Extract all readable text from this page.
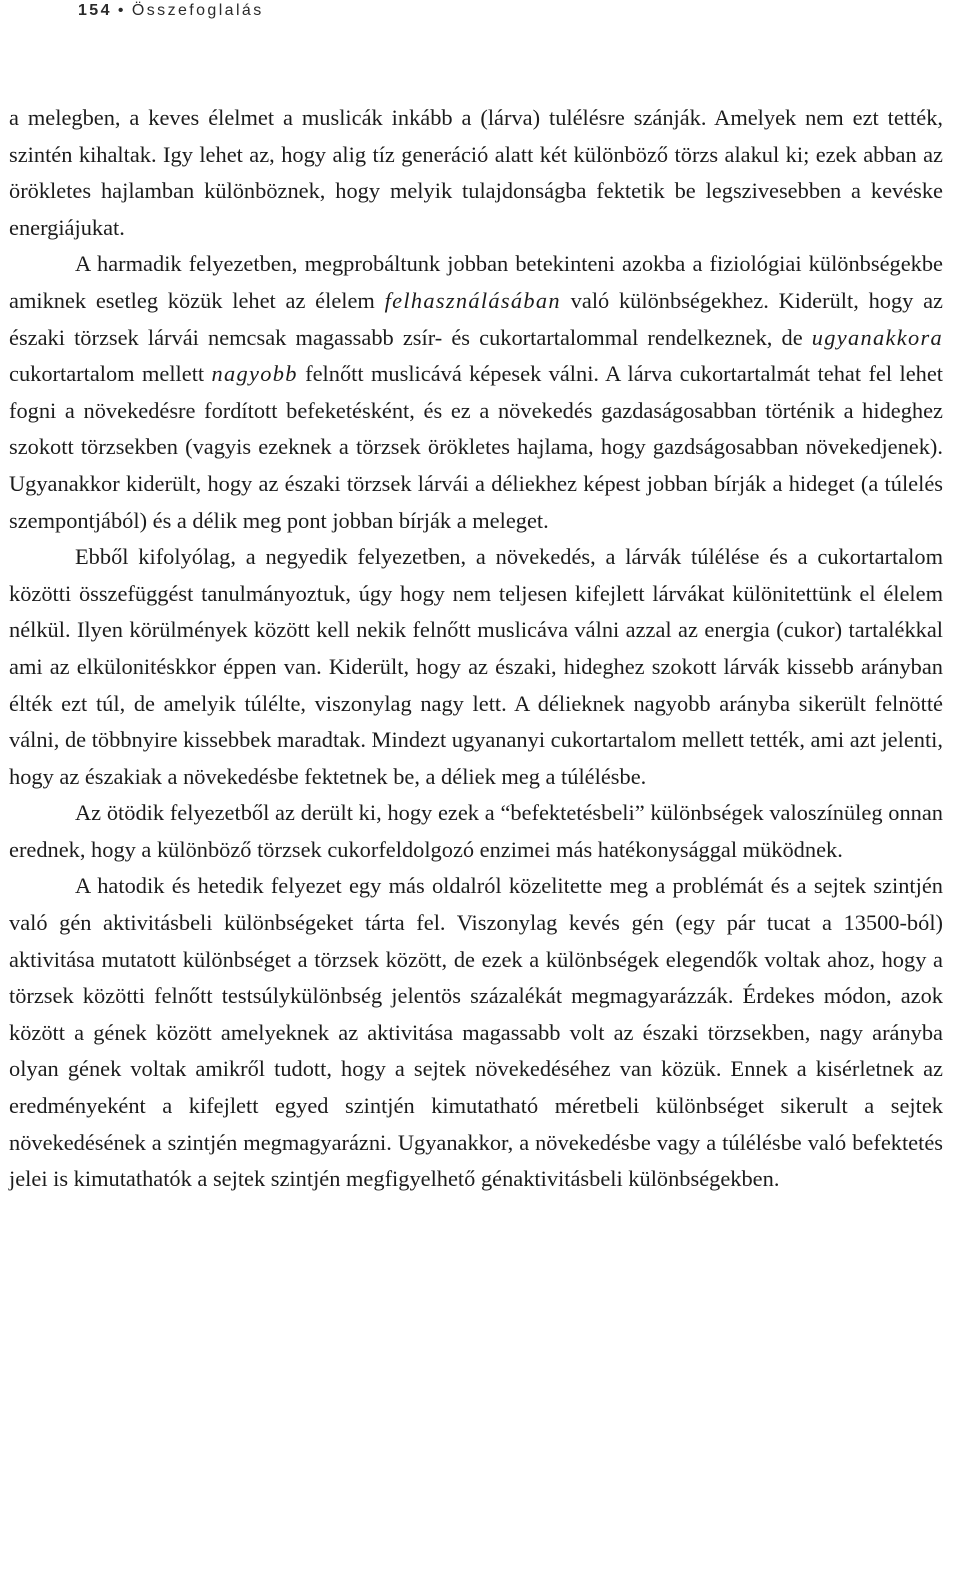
154 • Összefoglalás

a melegben, a keves élelmet a muslicák inkább a (lárva) tulélésre szánják. Amelyek nem ezt tették, szintén kihaltak. Igy lehet az, hogy alig tíz generáció alatt két különböző törzs alakul ki; ezek abban az örökletes hajlamban különböznek, hogy melyik tulajdonságba fektetik be legszivesebben a kevéske energiájukat.

A harmadik felyezetben, megprobáltunk jobban betekinteni azokba a fiziológiai különbségekbe amiknek esetleg közük lehet az élelem felhasználásában való különbségekhez. Kiderült, hogy az északi törzsek lárvái nemcsak magassabb zsír- és cukortartalommal rendelkeznek, de ugyanakkora cukortartalom mellett nagyobb felnőtt muslicává képesek válni. A lárva cukortartalmát tehat fel lehet fogni a növekedésre fordított befeketésként, és ez a növekedés gazdaságosabban történik a hideghez szokott törzsekben (vagyis ezeknek a törzsek örökletes hajlama, hogy gazdságosabban növekedjenek). Ugyanakkor kiderült, hogy az északi törzsek lárvái a déliekhez képest jobban bírják a hideget (a túlelés szempontjából) és a délik meg pont jobban bírják a meleget.

Ebből kifolyólag, a negyedik felyezetben, a növekedés, a lárvák túlélése és a cukortartalom közötti összefüggést tanulmányoztuk, úgy hogy nem teljesen kifejlett lárvákat különitettünk el élelem nélkül. Ilyen körülmények között kell nekik felnőtt muslicáva válni azzal az energia (cukor) tartalékkal ami az elkülonitéskkor éppen van. Kiderült, hogy az északi, hideghez szokott lárvák kissebb arányban élték ezt túl, de amelyik túlélte, viszonylag nagy lett. A délieknek nagyobb arányba sikerült felnötté válni, de többnyire kissebbek maradtak. Mindezt ugyananyi cukortartalom mellett tették, ami azt jelenti, hogy az északiak a növekedésbe fektetnek be, a déliek meg a túlélésbe.

Az ötödik felyezetből az derült ki, hogy ezek a “befektetésbeli” különbségek valoszínüleg onnan erednek, hogy a különböző törzsek cukorfeldolgozó enzimei más hatékonysággal müködnek.

A hatodik és hetedik felyezet egy más oldalról közelitette meg a problémát és a sejtek szintjén való gén aktivitásbeli különbségeket tárta fel. Viszonylag kevés gén (egy pár tucat a 13500-ból) aktivitása mutatott különbséget a törzsek között, de ezek a különbségek elegendők voltak ahoz, hogy a törzsek közötti felnőtt testsúlykülönbség jelentös százalékát megmagyarázzák. Érdekes módon, azok között a gének között amelyeknek az aktivitása magassabb volt az északi törzsekben, nagy arányba olyan gének voltak amikről tudott, hogy a sejtek növekedéséhez van közük. Ennek a kisérletnek az eredményeként a kifejlett egyed szintjén kimutatható méretbeli különbséget sikerult a sejtek növekedésének a szintjén megmagyarázni. Ugyanakkor, a növekedésbe vagy a túlélésbe való befektetés jelei is kimutathatók a sejtek szintjén megfigyelhető génaktivitásbeli különbségekben.
